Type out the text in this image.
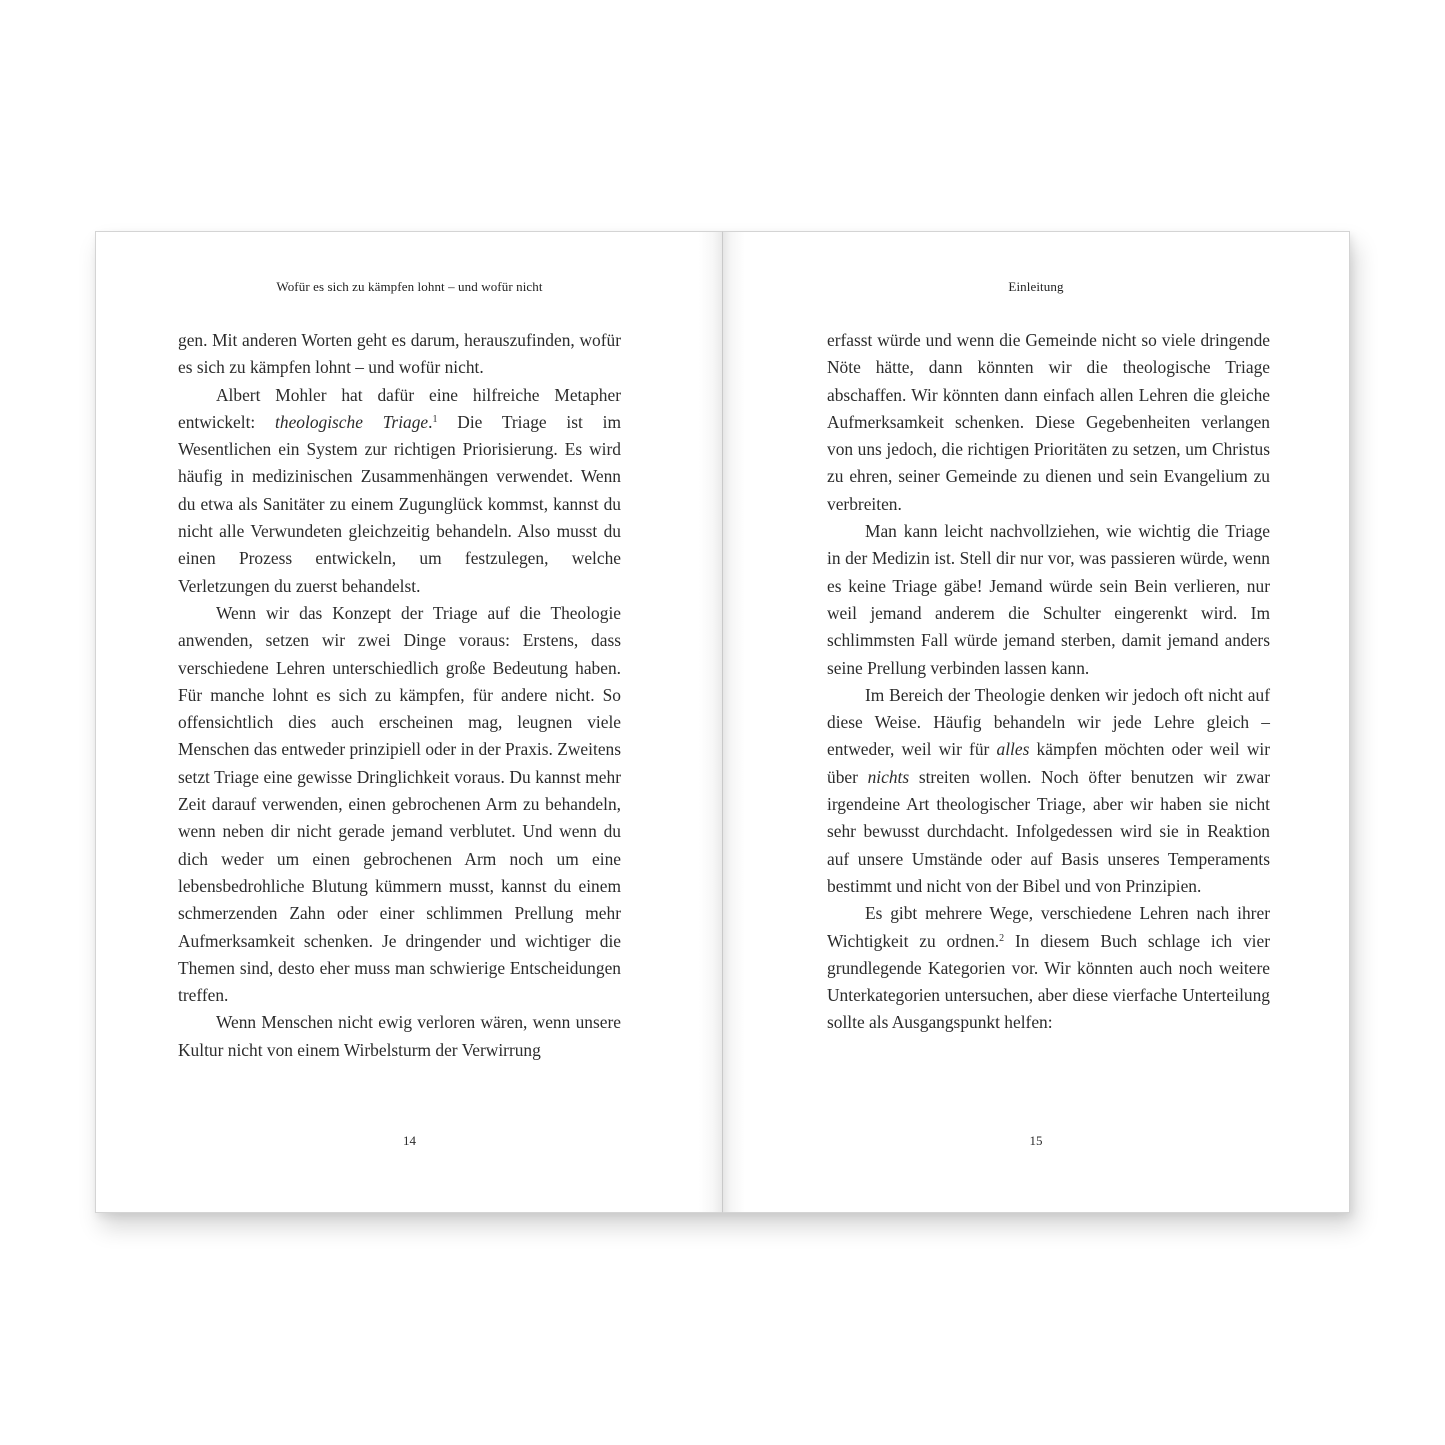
Wofür es sich zu kämpfen lohnt – und wofür nicht

gen. Mit anderen Worten geht es darum, herauszufinden, wofür es sich zu kämpfen lohnt – und wofür nicht.

Albert Mohler hat dafür eine hilfreiche Metapher entwickelt: theologische Triage.$^1$ Die Triage ist im Wesentlichen ein System zur richtigen Priorisierung. Es wird häufig in medizinischen Zusammenhängen verwendet. Wenn du etwa als Sanitäter zu einem Zugunglück kommst, kannst du nicht alle Verwundeten gleichzeitig behandeln. Also musst du einen Prozess entwickeln, um festzulegen, welche Verletzungen du zuerst behandelst.

Wenn wir das Konzept der Triage auf die Theologie anwenden, setzen wir zwei Dinge voraus: Erstens, dass verschiedene Lehren unterschiedlich große Bedeutung haben. Für manche lohnt es sich zu kämpfen, für andere nicht. So offensichtlich dies auch erscheinen mag, leugnen viele Menschen das entweder prinzipiell oder in der Praxis. Zweitens setzt Triage eine gewisse Dringlichkeit voraus. Du kannst mehr Zeit darauf verwenden, einen gebrochenen Arm zu behandeln, wenn neben dir nicht gerade jemand verblutet. Und wenn du dich weder um einen gebrochenen Arm noch um eine lebensbedrohliche Blutung kümmern musst, kannst du einem schmerzenden Zahn oder einer schlimmen Prellung mehr Aufmerksamkeit schenken. Je dringender und wichtiger die Themen sind, desto eher muss man schwierige Entscheidungen treffen.

Wenn Menschen nicht ewig verloren wären, wenn unsere Kultur nicht von einem Wirbelsturm der Verwirrung

14
Einleitung

erfasst würde und wenn die Gemeinde nicht so viele dringende Nöte hätte, dann könnten wir die theologische Triage abschaffen. Wir könnten dann einfach allen Lehren die gleiche Aufmerksamkeit schenken. Diese Gegebenheiten verlangen von uns jedoch, die richtigen Prioritäten zu setzen, um Christus zu ehren, seiner Gemeinde zu dienen und sein Evangelium zu verbreiten.

Man kann leicht nachvollziehen, wie wichtig die Triage in der Medizin ist. Stell dir nur vor, was passieren würde, wenn es keine Triage gäbe! Jemand würde sein Bein verlieren, nur weil jemand anderem die Schulter eingerenkt wird. Im schlimmsten Fall würde jemand sterben, damit jemand anders seine Prellung verbinden lassen kann.

Im Bereich der Theologie denken wir jedoch oft nicht auf diese Weise. Häufig behandeln wir jede Lehre gleich – entweder, weil wir für alles kämpfen möchten oder weil wir über nichts streiten wollen. Noch öfter benutzen wir zwar irgendeine Art theologischer Triage, aber wir haben sie nicht sehr bewusst durchdacht. Infolgedessen wird sie in Reaktion auf unsere Umstände oder auf Basis unseres Temperaments bestimmt und nicht von der Bibel und von Prinzipien.

Es gibt mehrere Wege, verschiedene Lehren nach ihrer Wichtigkeit zu ordnen.$^2$ In diesem Buch schlage ich vier grundlegende Kategorien vor. Wir könnten auch noch weitere Unterkategorien untersuchen, aber diese vierfache Unterteilung sollte als Ausgangspunkt helfen:

15
